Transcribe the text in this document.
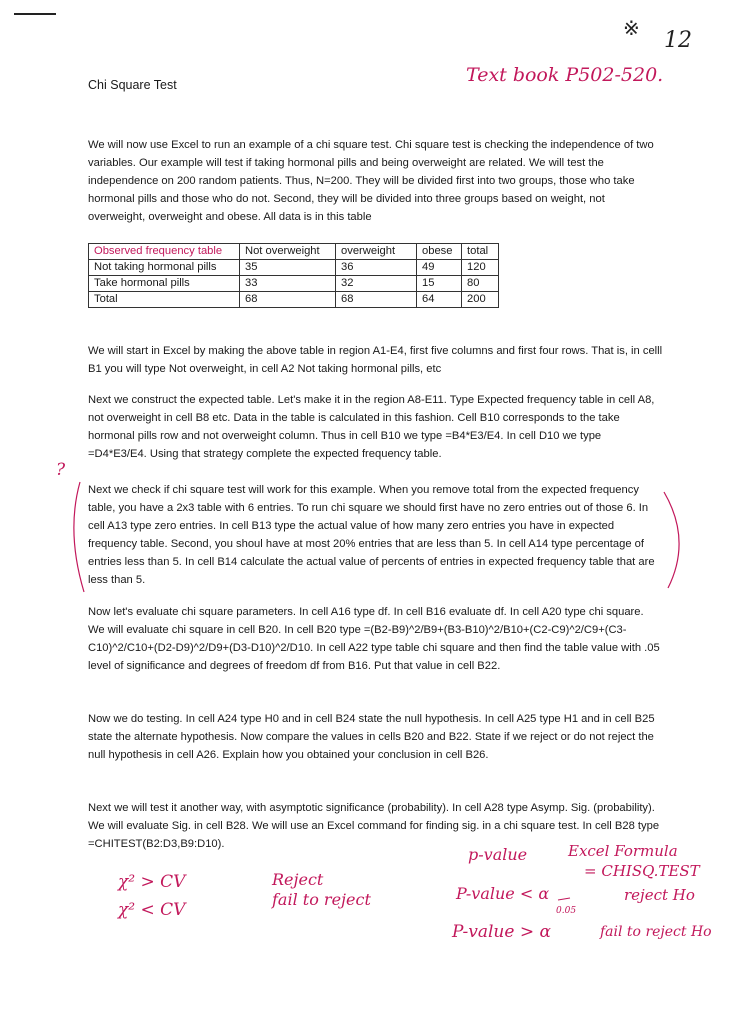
※ 12
Text book P502-520.
Chi Square Test

We will now use Excel to run an example of a chi square test. Chi square test is checking the independence of two variables. Our example will test if taking hormonal pills and being overweight are related. We will test the independence on 200 random patients. Thus, N=200. They will be divided first into two groups, those who take hormonal pills and those who do not. Second, they will be divided into three groups based on weight, not overweight, overweight and obese. All data is in this table

Observed frequency table	Not overweight	overweight	obese	total
Not taking hormonal pills	35	36	49	120
Take hormonal pills	33	32	15	80
Total	68	68	64	200

We will start in Excel by making the above table in region A1-E4, first five columns and first four rows. That is, in celll B1 you will type Not overweight, in cell A2 Not taking hormonal pills, etc

Next we construct the expected table. Let's make it in the region A8-E11. Type Expected frequency table in cell A8, not overweight in cell B8 etc. Data in the table is calculated in this fashion. Cell B10 corresponds to the take hormonal pills row and not overweight column. Thus in cell B10 we type =B4*E3/E4. In cell D10 we type =D4*E3/E4. Using that strategy complete the expected frequency table.

?

Next we check if chi square test will work for this example. When you remove total from the expected frequency table, you have a 2x3 table with 6 entries. To run chi square we should first have no zero entries out of those 6. In cell A13 type zero entries. In cell B13 type the actual value of how many zero entries you have in expected frequency table. Second, you shoul have at most 20% entries that are less than 5. In cell A14 type percentage of entries less than 5. In cell B14 calculate the actual value of percents of entries in expected frequency table that are less than 5.

Now let's evaluate chi square parameters. In cell A16 type df. In cell B16 evaluate df. In cell A20 type chi square. We will evaluate chi square in cell B20. In cell B20 type =(B2-B9)^2/B9+(B3-B10)^2/B10+(C2-C9)^2/C9+(C3-C10)^2/C10+(D2-D9)^2/D9+(D3-D10)^2/D10. In cell A22 type table chi square and then find the table value with .05 level of significance and degrees of freedom df from B16. Put that value in cell B22.

Now we do testing. In cell A24 type H0 and in cell B24 state the null hypothesis. In cell A25 type H1 and in cell B25 state the alternate hypothesis. Now compare the values in cells B20 and B22. State if we reject or do not reject the null hypothesis in cell A26. Explain how you obtained your conclusion in cell B26.

Next we will test it another way, with asymptotic significance (probability). In cell A28 type Asymp. Sig. (probability). We will evaluate Sig. in cell B28. We will use an Excel command for finding sig. in a chi square test. In cell B28 type =CHITEST(B2:D3,B9:D10).

p-value	Excel Formula
= CHISQ.TEST
χ² > CV	Reject
χ² < CV
fail to reject	P-value < α	reject Ho
0.05
P-value > α	fail to reject Ho
